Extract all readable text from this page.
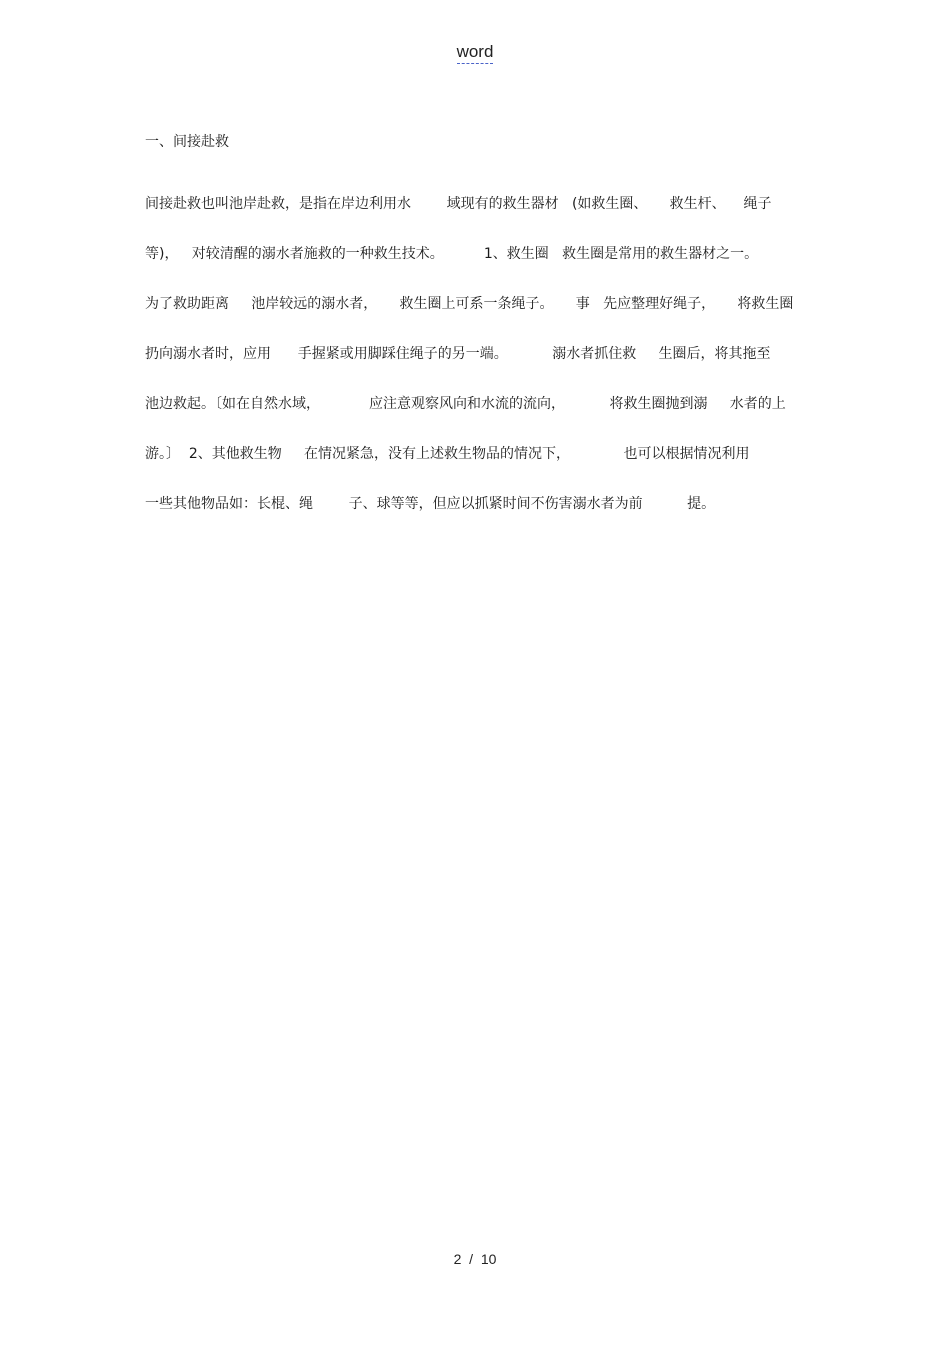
word
一、间接赴救
间接赴救也叫池岸赴救，是指在岸边利用水        域现有的救生器材   (如救生圈、     救生杆、    绳子
等)，   对较清醒的溺水者施救的一种救生技术。         1、救生圈   救生圈是常用的救生器材之一。
为了救助距离     池岸较远的溺水者，     救生圈上可系一条绳子。     事   先应整理好绳子，     将救生圈
扔向溺水者时，应用      手握紧或用脚踩住绳子的另一端。          溺水者抓住救     生圈后，将其拖至
池边救起。〔如在自然水域，           应注意观察风向和水流的流向，          将救生圈抛到溺     水者的上
游。〕  2、其他救生物     在情况紧急，没有上述救生物品的情况下，            也可以根据情况利用
一些其他物品如：长棍、绳        子、球等等，但应以抓紧时间不伤害溺水者为前          提。
2  /  10
